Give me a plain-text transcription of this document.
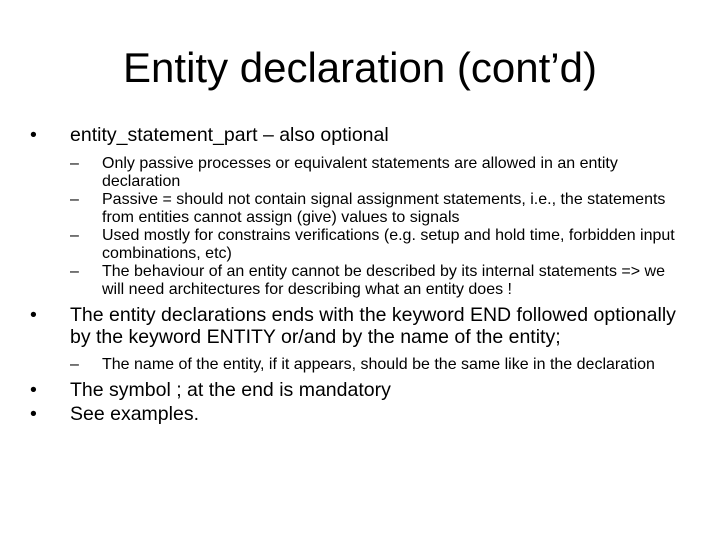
Entity declaration (cont’d)
• entity_statement_part – also optional
– Only passive processes or equivalent statements are allowed in an entity declaration
– Passive = should not contain signal assignment statements, i.e., the statements from entities cannot assign (give) values to signals
– Used mostly for constrains verifications (e.g. setup and hold time, forbidden input combinations, etc)
– The behaviour of an entity cannot be described by its internal statements => we will need architectures for describing what an entity does !
• The entity declarations ends with the keyword END followed optionally by the keyword ENTITY or/and by the name of the entity;
– The name of the entity, if it appears, should be the same like in the declaration
• The symbol ; at the end is mandatory
• See examples.
